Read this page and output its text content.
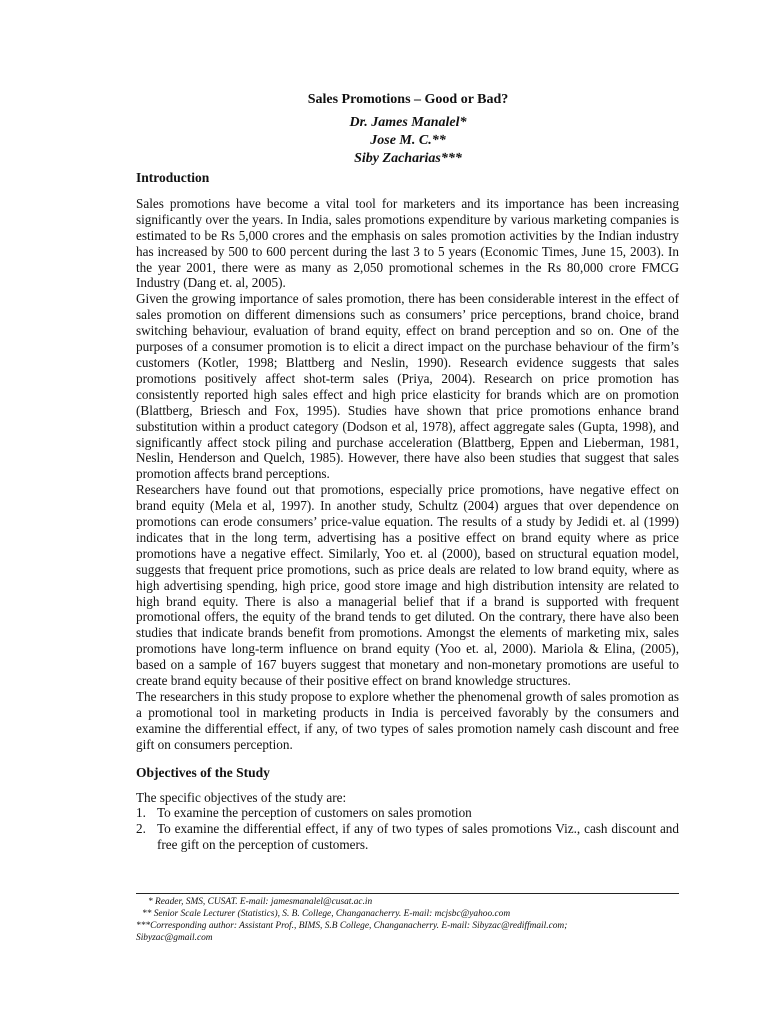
Sales Promotions – Good or Bad?
Dr. James Manalel*
Jose M. C.**
Siby Zacharias***
Introduction

Sales promotions have become a vital tool for marketers and its importance has been increasing significantly over the years. In India, sales promotions expenditure by various marketing companies is estimated to be Rs 5,000 crores and the emphasis on sales promotion activities by the Indian industry has increased by 500 to 600 percent during the last 3 to 5 years (Economic Times, June 15, 2003). In the year 2001, there were as many as 2,050 promotional schemes in the Rs 80,000 crore FMCG Industry (Dang et. al, 2005).

Given the growing importance of sales promotion, there has been considerable interest in the effect of sales promotion on different dimensions such as consumers’ price perceptions, brand choice, brand switching behaviour, evaluation of brand equity, effect on brand perception and so on. One of the purposes of a consumer promotion is to elicit a direct impact on the purchase behaviour of the firm’s customers (Kotler, 1998; Blattberg and Neslin, 1990). Research evidence suggests that sales promotions positively affect shot-term sales (Priya, 2004). Research on price promotion has consistently reported high sales effect and high price elasticity for brands which are on promotion (Blattberg, Briesch and Fox, 1995). Studies have shown that price promotions enhance brand substitution within a product category (Dodson et al, 1978), affect aggregate sales (Gupta, 1998), and significantly affect stock piling and purchase acceleration (Blattberg, Eppen and Lieberman, 1981, Neslin, Henderson and Quelch, 1985). However, there have also been studies that suggest that sales promotion affects brand perceptions.

Researchers have found out that promotions, especially price promotions, have negative effect on brand equity (Mela et al, 1997). In another study, Schultz (2004) argues that over dependence on promotions can erode consumers’ price-value equation. The results of a study by Jedidi et. al (1999) indicates that in the long term, advertising has a positive effect on brand equity where as price promotions have a negative effect. Similarly, Yoo et. al (2000), based on structural equation model, suggests that frequent price promotions, such as price deals are related to low brand equity, where as high advertising spending, high price, good store image and high distribution intensity are related to high brand equity. There is also a managerial belief that if a brand is supported with frequent promotional offers, the equity of the brand tends to get diluted. On the contrary, there have also been studies that indicate brands benefit from promotions. Amongst the elements of marketing mix, sales promotions have long-term influence on brand equity (Yoo et. al, 2000). Mariola & Elina, (2005), based on a sample of 167 buyers suggest that monetary and non-monetary promotions are useful to create brand equity because of their positive effect on brand knowledge structures.

The researchers in this study propose to explore whether the phenomenal growth of sales promotion as a promotional tool in marketing products in India is perceived favorably by the consumers and examine the differential effect, if any, of two types of sales promotion namely cash discount and free gift on consumers perception.

Objectives of the Study

The specific objectives of the study are:

1. To examine the perception of customers on sales promotion
2. To examine the differential effect, if any of two types of sales promotions Viz., cash discount and free gift on the perception of customers.
* Reader, SMS, CUSAT. E-mail: jamesmanalel@cusat.ac.in
** Senior Scale Lecturer (Statistics), S. B. College, Changanacherry. E-mail: mcjsbc@yahoo.com
***Corresponding author: Assistant Prof., BIMS, S.B College, Changanacherry. E-mail: Sibyzac@rediffmail.com;
Sibyzac@gmail.com
